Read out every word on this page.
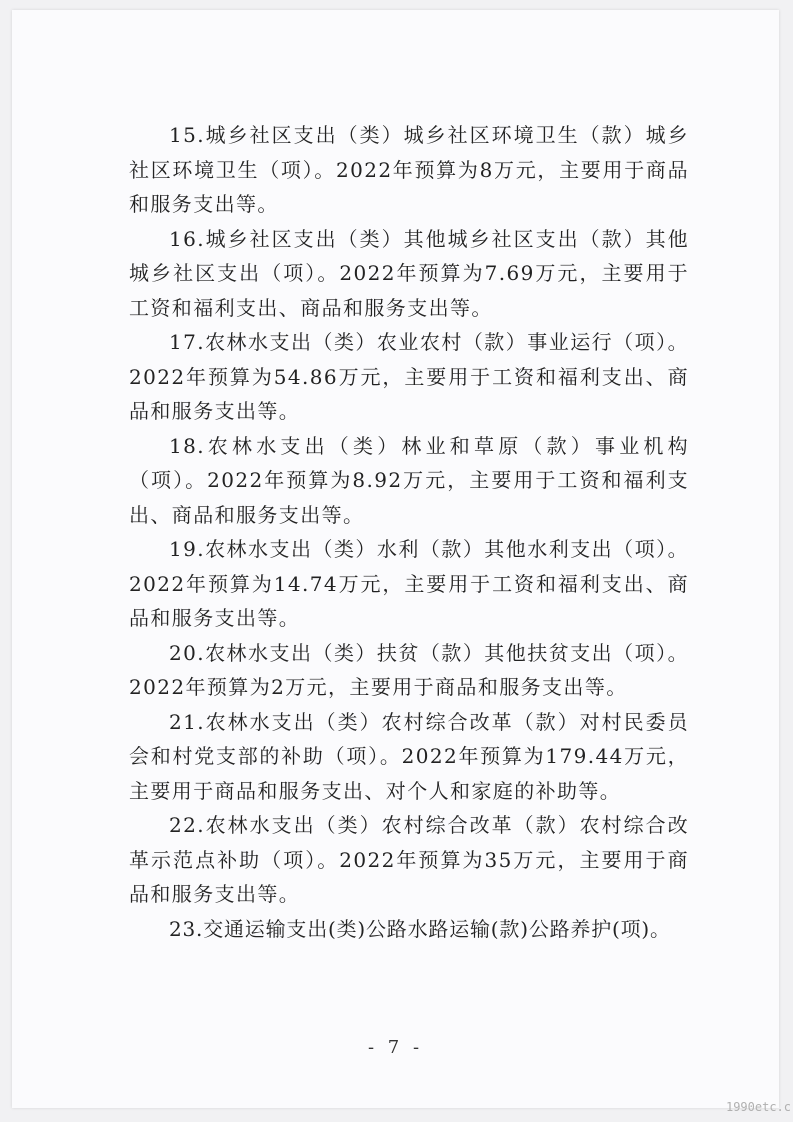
15.城乡社区支出（类）城乡社区环境卫生（款）城乡社区环境卫生（项）。2022年预算为8万元，主要用于商品和服务支出等。

16.城乡社区支出（类）其他城乡社区支出（款）其他城乡社区支出（项）。2022年预算为7.69万元，主要用于工资和福利支出、商品和服务支出等。

17.农林水支出（类）农业农村（款）事业运行（项）。2022年预算为54.86万元，主要用于工资和福利支出、商品和服务支出等。

18.农林水支出（类）林业和草原（款）事业机构（项）。2022年预算为8.92万元，主要用于工资和福利支出、商品和服务支出等。

19.农林水支出（类）水利（款）其他水利支出（项）。2022年预算为14.74万元，主要用于工资和福利支出、商品和服务支出等。

20.农林水支出（类）扶贫（款）其他扶贫支出（项）。2022年预算为2万元，主要用于商品和服务支出等。

21.农林水支出（类）农村综合改革（款）对村民委员会和村党支部的补助（项）。2022年预算为179.44万元，主要用于商品和服务支出、对个人和家庭的补助等。

22.农林水支出（类）农村综合改革（款）农村综合改革示范点补助（项）。2022年预算为35万元，主要用于商品和服务支出等。

23.交通运输支出(类)公路水路运输(款)公路养护(项)。

- 7 -
1990etc.c
